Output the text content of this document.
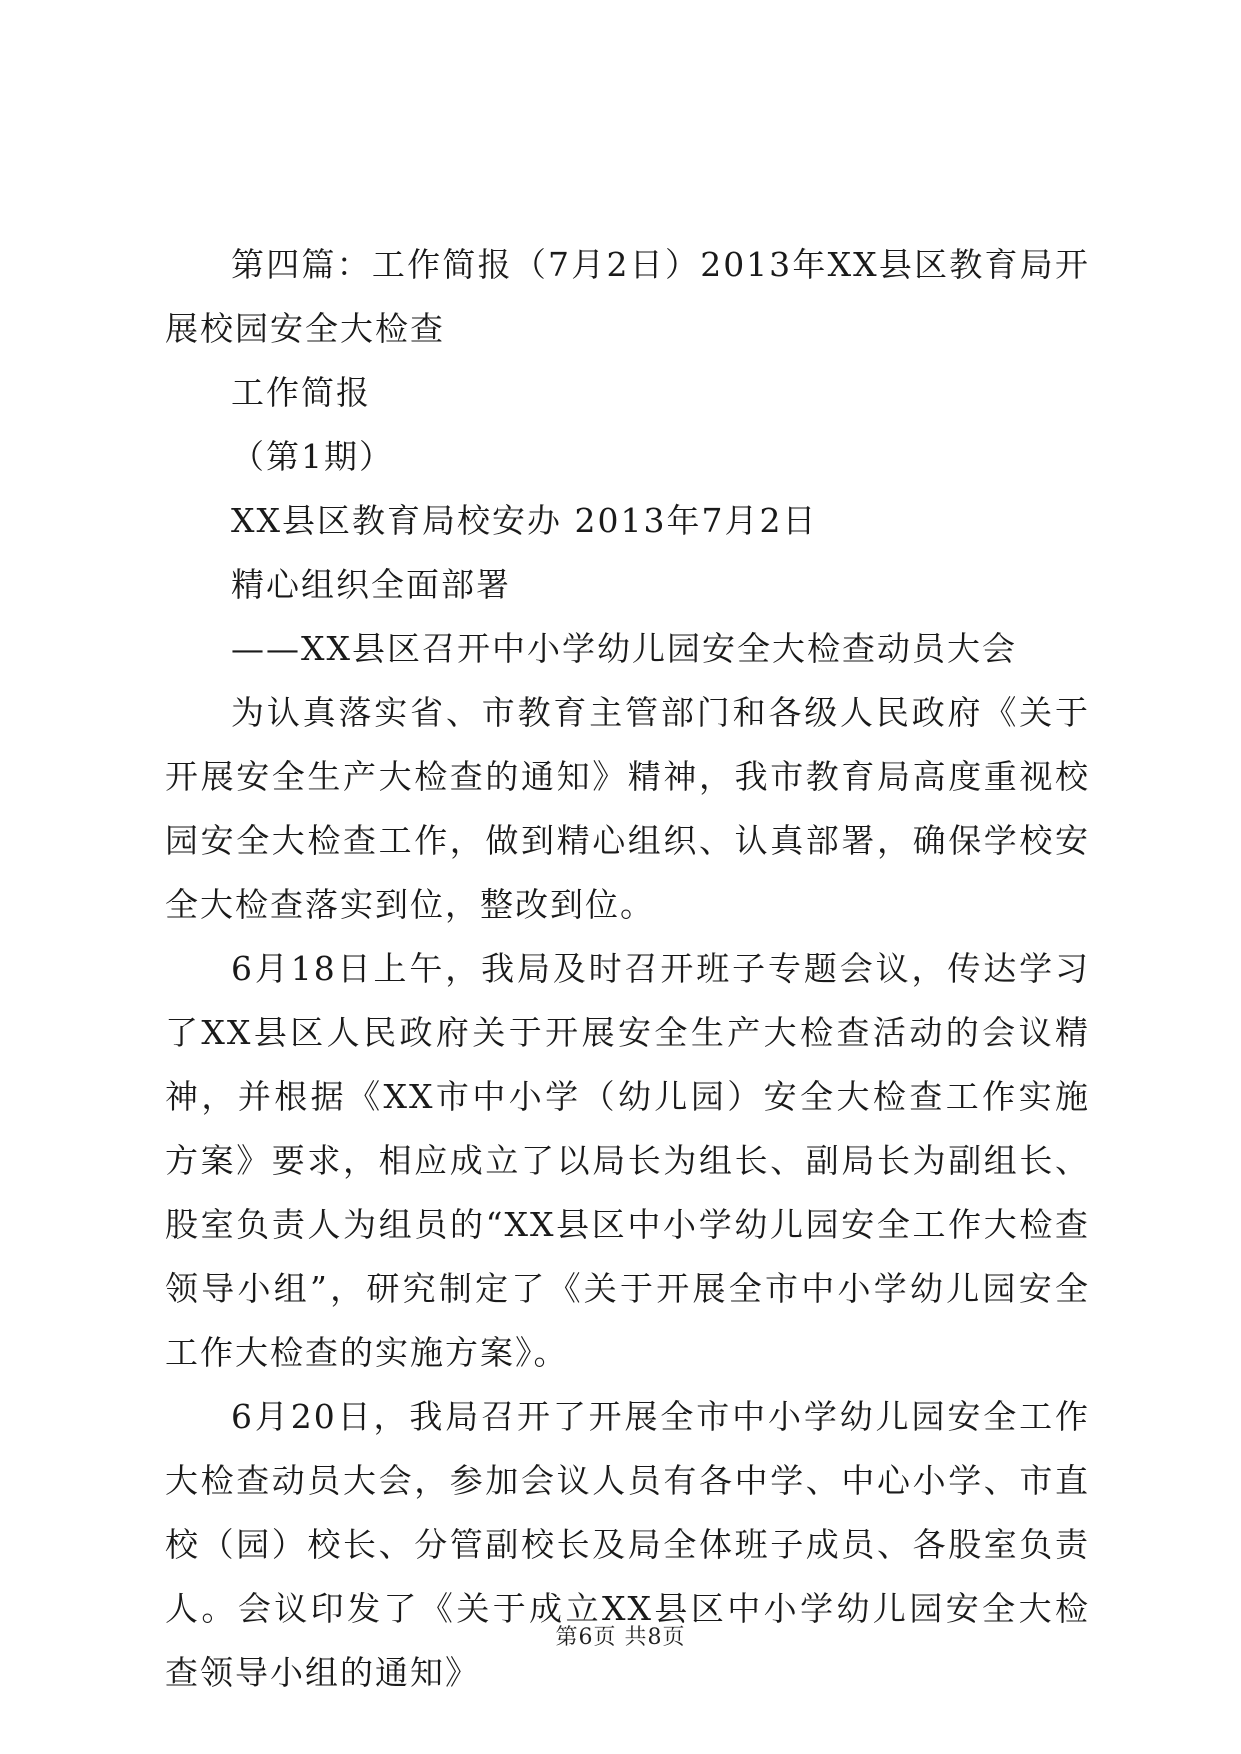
第四篇：工作简报（7月2日）2013年XX县区教育局开展校园安全大检查

工作简报

（第1期）

XX县区教育局校安办 2013年7月2日

精心组织全面部署

——XX县区召开中小学幼儿园安全大检查动员大会

为认真落实省、市教育主管部门和各级人民政府《关于开展安全生产大检查的通知》精神，我市教育局高度重视校园安全大检查工作，做到精心组织、认真部署，确保学校安全大检查落实到位，整改到位。

6月18日上午，我局及时召开班子专题会议，传达学习了XX县区人民政府关于开展安全生产大检查活动的会议精神，并根据《XX市中小学（幼儿园）安全大检查工作实施方案》要求，相应成立了以局长为组长、副局长为副组长、股室负责人为组员的“XX县区中小学幼儿园安全工作大检查领导小组”，研究制定了《关于开展全市中小学幼儿园安全工作大检查的实施方案》。

6月20日，我局召开了开展全市中小学幼儿园安全工作大检查动员大会，参加会议人员有各中学、中心小学、市直校（园）校长、分管副校长及局全体班子成员、各股室负责人。会议印发了《关于成立XX县区中小学幼儿园安全大检查领导小组的通知》

第6页 共8页
